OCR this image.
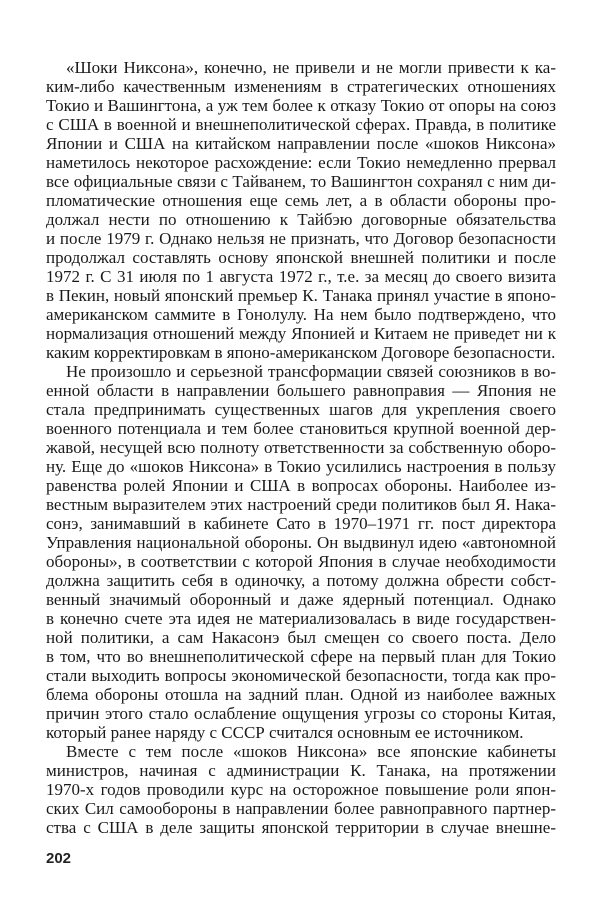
«Шоки Никсона», конечно, не привели и не могли привести к ка-
ким-либо качественным изменениям в стратегических отношениях
Токио и Вашингтона, а уж тем более к отказу Токио от опоры на союз
с США в военной и внешнеполитической сферах. Правда, в политике
Японии и США на китайском направлении после «шоков Никсона»
наметилось некоторое расхождение: если Токио немедленно прервал
все официальные связи с Тайванем, то Вашингтон сохранял с ним ди-
пломатические отношения еще семь лет, а в области обороны про-
должал нести по отношению к Тайбэю договорные обязательства
и после 1979 г. Однако нельзя не признать, что Договор безопасности
продолжал составлять основу японской внешней политики и после
1972 г. С 31 июля по 1 августа 1972 г., т.е. за месяц до своего визита
в Пекин, новый японский премьер К. Танака принял участие в японо-
американском саммите в Гонолулу. На нем было подтверждено, что
нормализация отношений между Японией и Китаем не приведет ни к
каким корректировкам в японо-американском Договоре безопасности.
Не произошло и серьезной трансформации связей союзников в во-
енной области в направлении большего равноправия — Япония не
стала предпринимать существенных шагов для укрепления своего
военного потенциала и тем более становиться крупной военной дер-
жавой, несущей всю полноту ответственности за собственную оборо-
ну. Еще до «шоков Никсона» в Токио усилились настроения в пользу
равенства ролей Японии и США в вопросах обороны. Наиболее из-
вестным выразителем этих настроений среди политиков был Я. Нака-
сонэ, занимавший в кабинете Сато в 1970–1971 гг. пост директора
Управления национальной обороны. Он выдвинул идею «автономной
обороны», в соответствии с которой Япония в случае необходимости
должна защитить себя в одиночку, а потому должна обрести собст-
венный значимый оборонный и даже ядерный потенциал. Однако
в конечно счете эта идея не материализовалась в виде государствен-
ной политики, а сам Накасонэ был смещен со своего поста. Дело
в том, что во внешнеполитической сфере на первый план для Токио
стали выходить вопросы экономической безопасности, тогда как про-
блема обороны отошла на задний план. Одной из наиболее важных
причин этого стало ослабление ощущения угрозы со стороны Китая,
который ранее наряду с СССР считался основным ее источником.
Вместе с тем после «шоков Никсона» все японские кабинеты
министров, начиная с администрации К. Танака, на протяжении
1970-х годов проводили курс на осторожное повышение роли япон-
ских Сил самообороны в направлении более равноправного партнер-
ства с США в деле защиты японской территории в случае внешне-
202
